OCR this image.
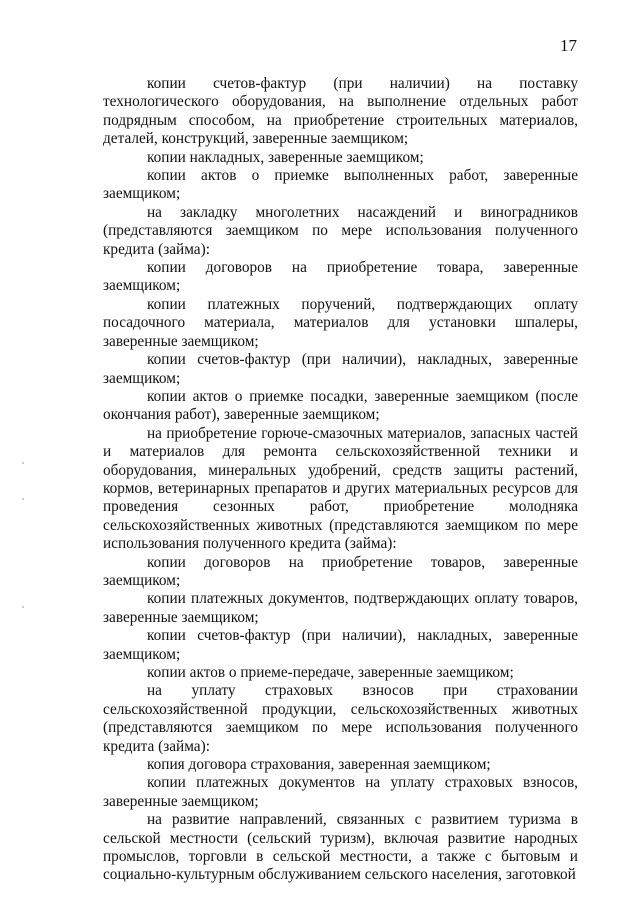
17

копии счетов-фактур (при наличии) на поставку технологического оборудования, на выполнение отдельных работ подрядным способом, на приобретение строительных материалов, деталей, конструкций, заверенные заемщиком;

копии накладных, заверенные заемщиком;

копии актов о приемке выполненных работ, заверенные заемщиком;

на закладку многолетних насаждений и виноградников (представляются заемщиком по мере использования полученного кредита (займа):

копии договоров на приобретение товара, заверенные заемщиком;

копии платежных поручений, подтверждающих оплату посадочного материала, материалов для установки шпалеры, заверенные заемщиком;

копии счетов-фактур (при наличии), накладных, заверенные заемщиком;

копии актов о приемке посадки, заверенные заемщиком (после окончания работ), заверенные заемщиком;

на приобретение горюче-смазочных материалов, запасных частей и материалов для ремонта сельскохозяйственной техники и оборудования, минеральных удобрений, средств защиты растений, кормов, ветеринарных препаратов и других материальных ресурсов для проведения сезонных работ, приобретение молодняка сельскохозяйственных животных (представляются заемщиком по мере использования полученного кредита (займа):

копии договоров на приобретение товаров, заверенные заемщиком;

копии платежных документов, подтверждающих оплату товаров, заверенные заемщиком;

копии счетов-фактур (при наличии), накладных, заверенные заемщиком;

копии актов о приеме-передаче, заверенные заемщиком;

на уплату страховых взносов при страховании сельскохозяйственной продукции, сельскохозяйственных животных (представляются заемщиком по мере использования полученного кредита (займа):

копия договора страхования, заверенная заемщиком;

копии платежных документов на уплату страховых взносов, заверенные заемщиком;

на развитие направлений, связанных с развитием туризма в сельской местности (сельский туризм), включая развитие народных промыслов, торговли в сельской местности, а также с бытовым и социально-культурным обслуживанием сельского населения, заготовкой
